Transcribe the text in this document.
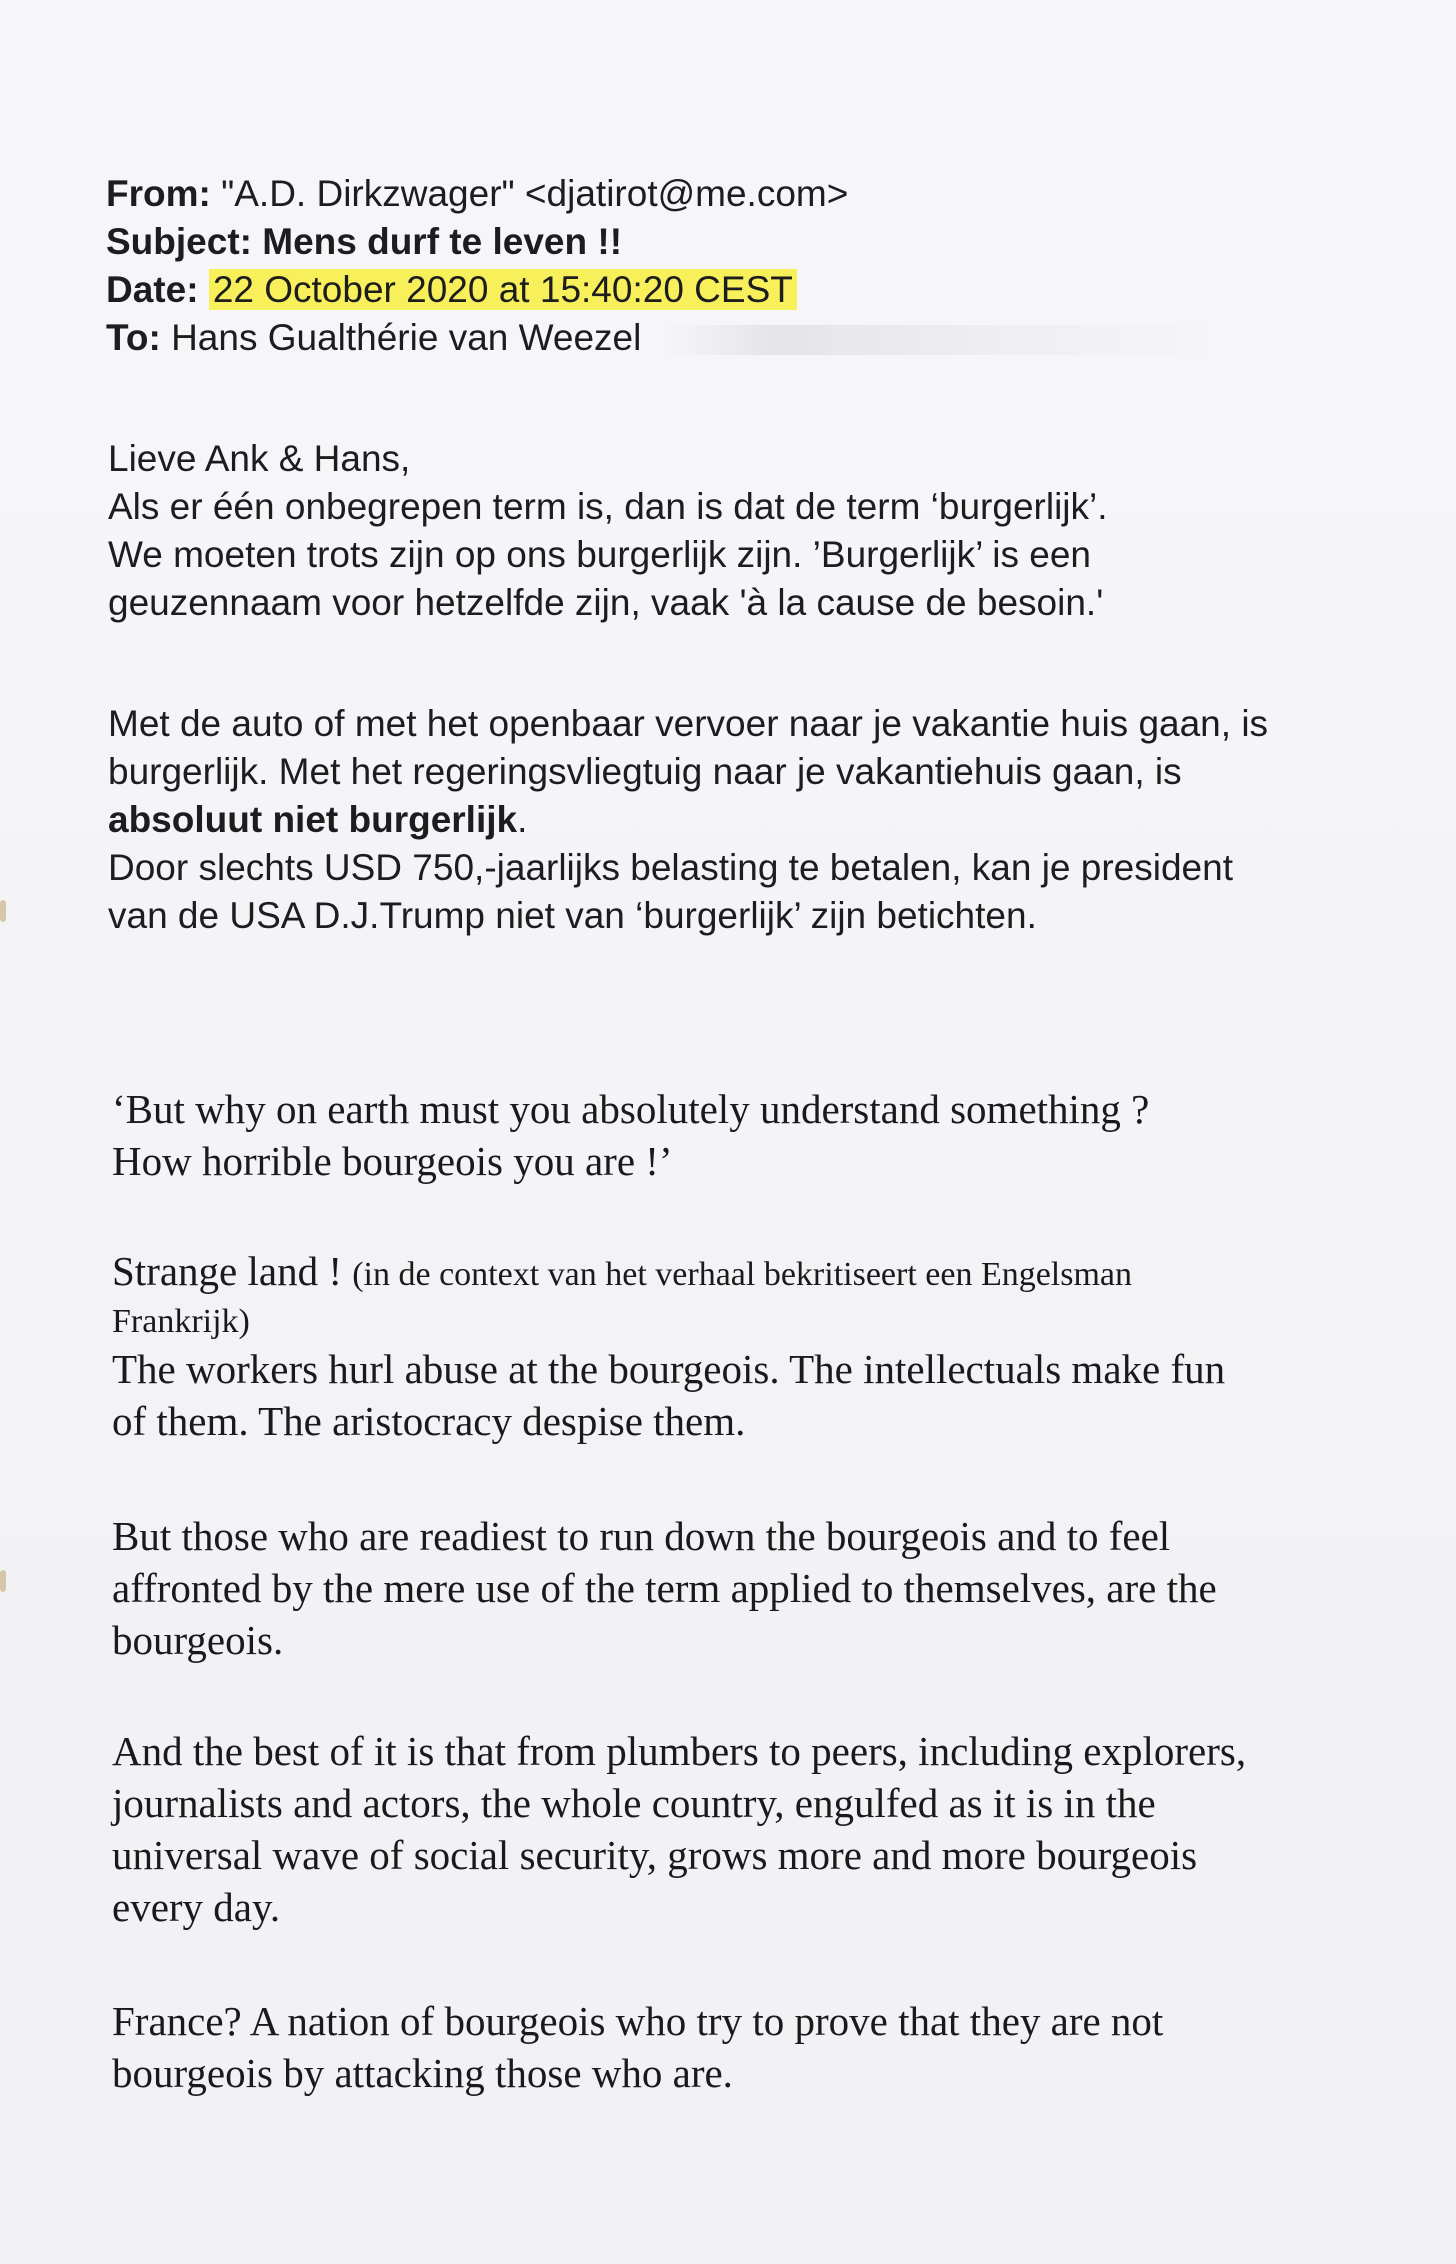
From: "A.D. Dirkzwager" <djatirot@me.com>
Subject: Mens durf te leven !!
Date: 22 October 2020 at 15:40:20 CEST
To: Hans Gualthérie van Weezel

Lieve Ank & Hans,

Als er één onbegrepen term is, dan is dat de term ‘burgerlijk’.

We moeten trots zijn op ons burgerlijk zijn. ’Burgerlijk’ is een

geuzennaam voor hetzelfde zijn, vaak 'à la cause de besoin.'

Met de auto of met het openbaar vervoer naar je vakantie huis gaan, is

burgerlijk. Met het regeringsvliegtuig naar je vakantiehuis gaan, is

absoluut niet burgerlijk.

Door slechts USD 750,-jaarlijks belasting te betalen, kan je president

van de USA D.J.Trump niet van ‘burgerlijk’ zijn betichten.

‘But why on earth must you absolutely understand something ?

How horrible bourgeois you are !’

Strange land ! (in de context van het verhaal bekritiseert een Engelsman

Frankrijk)

The workers hurl abuse at the bourgeois. The intellectuals make fun

of them. The aristocracy despise them.

But those who are readiest to run down the bourgeois and to feel

affronted by the mere use of the term applied to themselves, are the

bourgeois.

And the best of it is that from plumbers to peers, including explorers,

journalists and actors, the whole country, engulfed as it is in the

universal wave of social security, grows more and more bourgeois

every day.

France? A nation of bourgeois who try to prove that they are not

bourgeois by attacking those who are.
